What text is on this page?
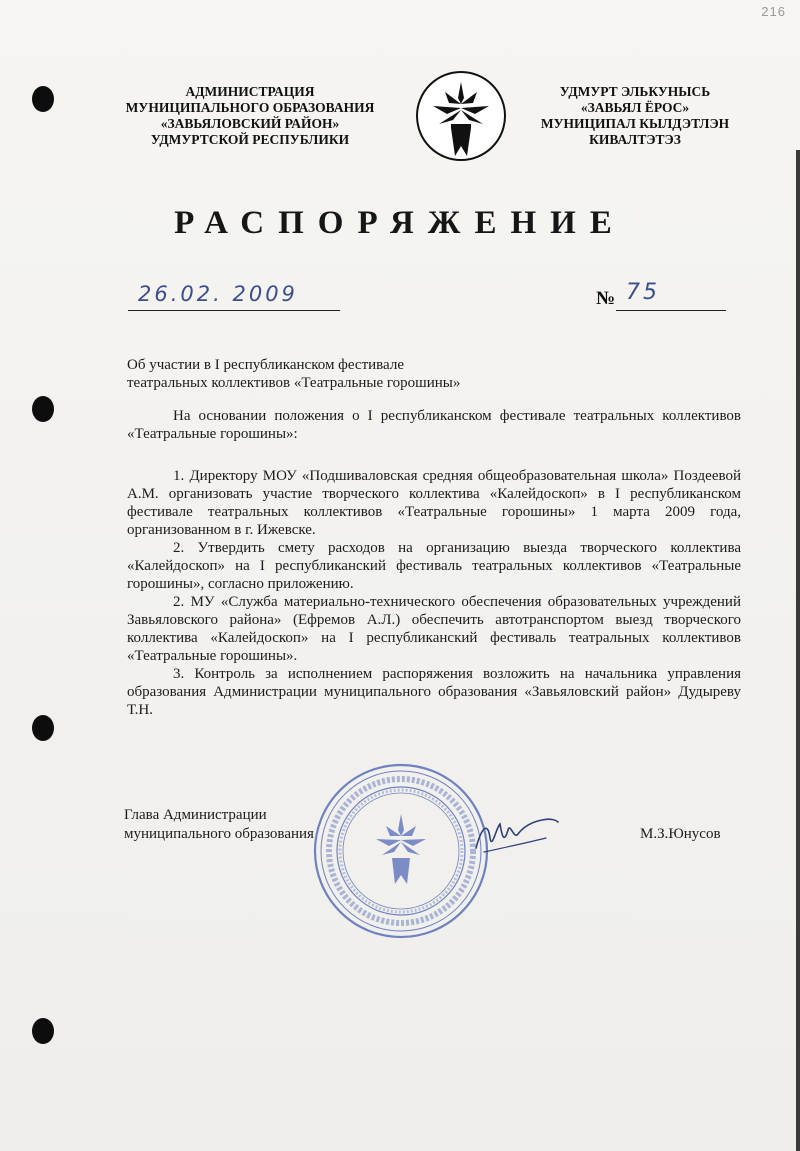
216
АДМИНИСТРАЦИЯ
МУНИЦИПАЛЬНОГО ОБРАЗОВАНИЯ
«ЗАВЬЯЛОВСКИЙ РАЙОН»
УДМУРТСКОЙ РЕСПУБЛИКИ
УДМУРТ ЭЛЬКУНЫСЬ
«ЗАВЬЯЛ ЁРОС»
МУНИЦИПАЛ КЫЛДЭТЛЭН
КИВАЛТЭТЭЗ
РАСПОРЯЖЕНИЕ
26.02. 2009	№ 75
Об участии в I республиканском фестивале
театральных коллективов «Театральные горошины»

На основании положения о I республиканском фестивале театральных коллективов «Театральные горошины»:

1. Директору МОУ «Подшиваловская средняя общеобразовательная школа» Поздеевой А.М. организовать участие творческого коллектива «Калейдоскоп» в I республиканском фестивале театральных коллективов «Театральные горошины» 1 марта 2009 года, организованном в г. Ижевске.

2. Утвердить смету расходов на организацию выезда творческого коллектива «Калейдоскоп» на I республиканский фестиваль театральных коллективов «Театральные горошины», согласно приложению.

2. МУ «Служба материально-технического обеспечения образовательных учреждений Завьяловского района» (Ефремов А.Л.) обеспечить автотранспортом выезд творческого коллектива «Калейдоскоп» на I республиканский фестиваль театральных коллективов «Театральные горошины».

3. Контроль за исполнением распоряжения возложить на начальника управления образования Администрации муниципального образования «Завьяловский район» Дудыреву Т.Н.

Глава Администрации
муниципального образования	М.З.Юнусов
